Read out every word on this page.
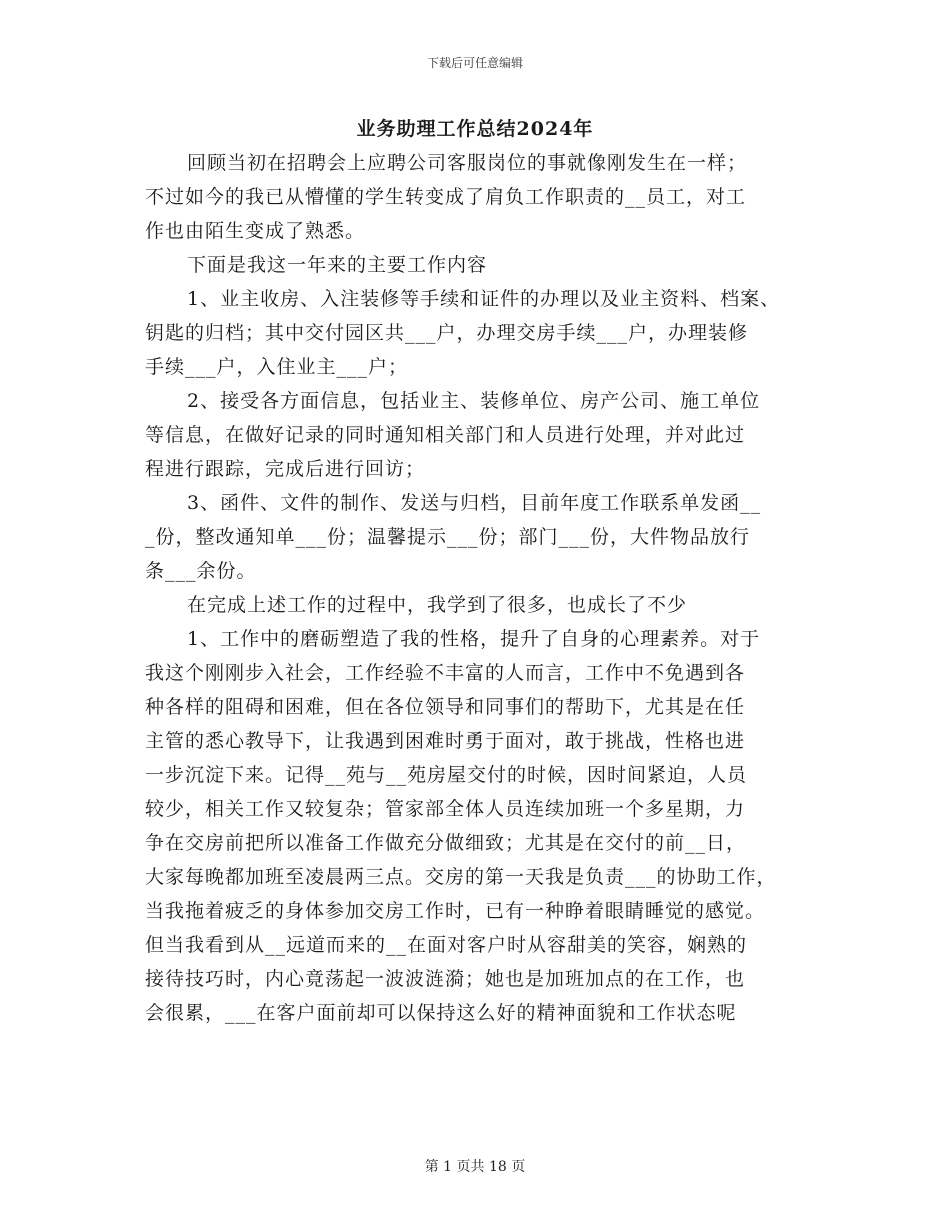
下载后可任意编辑
业务助理工作总结2024年
回顾当初在招聘会上应聘公司客服岗位的事就像刚发生在一样；
不过如今的我已从懵懂的学生转变成了肩负工作职责的__员工，对工
作也由陌生变成了熟悉。
下面是我这一年来的主要工作内容
1、业主收房、入注装修等手续和证件的办理以及业主资料、档案、
钥匙的归档；其中交付园区共___户，办理交房手续___户，办理装修
手续___户，入住业主___户；
2、接受各方面信息，包括业主、装修单位、房产公司、施工单位
等信息，在做好记录的同时通知相关部门和人员进行处理，并对此过
程进行跟踪，完成后进行回访；
3、函件、文件的制作、发送与归档，目前年度工作联系单发函__
_份，整改通知单___份；温馨提示___份；部门___份，大件物品放行
条___余份。
在完成上述工作的过程中，我学到了很多，也成长了不少
1、工作中的磨砺塑造了我的性格，提升了自身的心理素养。对于
我这个刚刚步入社会，工作经验不丰富的人而言，工作中不免遇到各
种各样的阻碍和困难，但在各位领导和同事们的帮助下，尤其是在任
主管的悉心教导下，让我遇到困难时勇于面对，敢于挑战，性格也进
一步沉淀下来。记得__苑与__苑房屋交付的时候，因时间紧迫，人员
较少，相关工作又较复杂；管家部全体人员连续加班一个多星期，力
争在交房前把所以准备工作做充分做细致；尤其是在交付的前__日，
大家每晚都加班至凌晨两三点。交房的第一天我是负责___的协助工作，
当我拖着疲乏的身体参加交房工作时，已有一种睁着眼睛睡觉的感觉。
但当我看到从__远道而来的__在面对客户时从容甜美的笑容，娴熟的
接待技巧时，内心竟荡起一波波涟漪；她也是加班加点的在工作，也
会很累，___在客户面前却可以保持这么好的精神面貌和工作状态呢
第 1 页共 18 页
